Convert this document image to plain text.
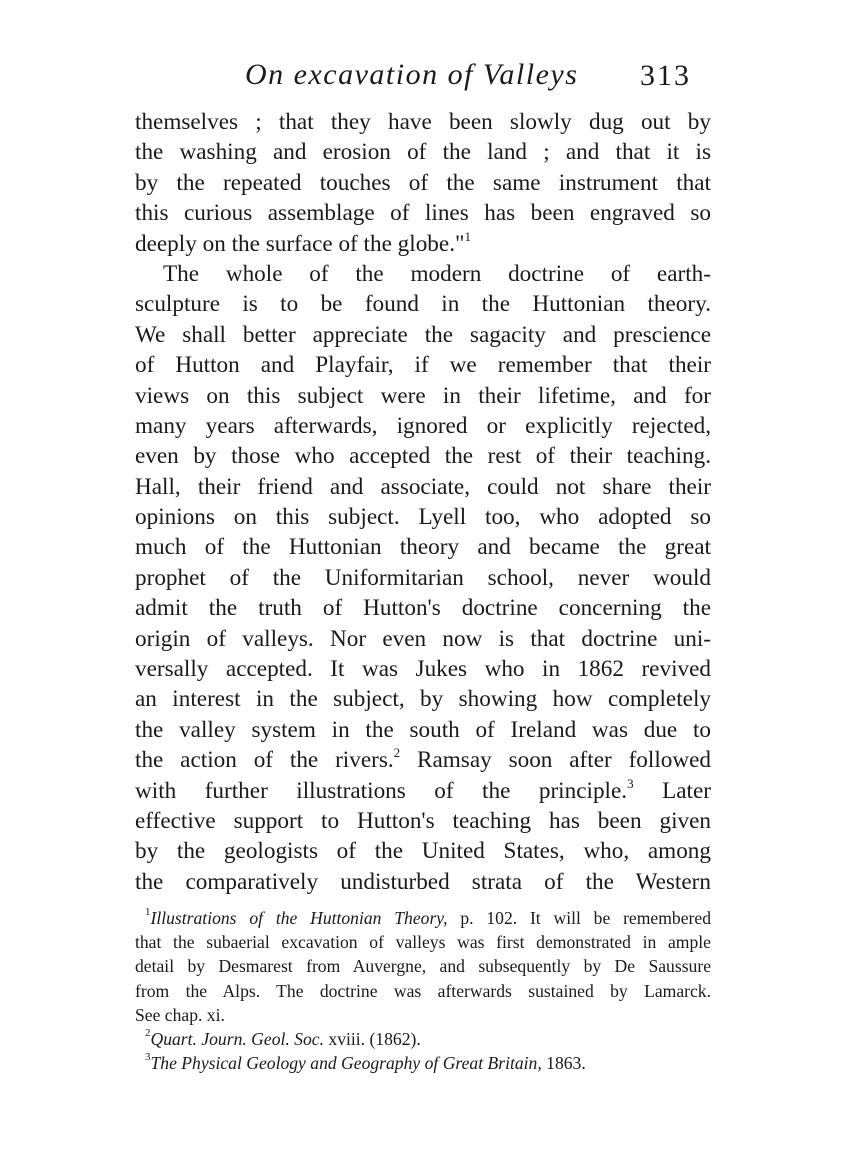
On excavation of Valleys 313
themselves ; that they have been slowly dug out by
the washing and erosion of the land ; and that it is
by the repeated touches of the same instrument that
this curious assemblage of lines has been engraved so
deeply on the surface of the globe."$^1$
The whole of the modern doctrine of earth-
sculpture is to be found in the Huttonian theory.
We shall better appreciate the sagacity and prescience
of Hutton and Playfair, if we remember that their
views on this subject were in their lifetime, and for
many years afterwards, ignored or explicitly rejected,
even by those who accepted the rest of their teaching.
Hall, their friend and associate, could not share their
opinions on this subject. Lyell too, who adopted so
much of the Huttonian theory and became the great
prophet of the Uniformitarian school, never would
admit the truth of Hutton's doctrine concerning the
origin of valleys. Nor even now is that doctrine uni-
versally accepted. It was Jukes who in 1862 revived
an interest in the subject, by showing how completely
the valley system in the south of Ireland was due to
the action of the rivers.$^2$ Ramsay soon after followed
with further illustrations of the principle.$^3$ Later
effective support to Hutton's teaching has been given
by the geologists of the United States, who, among
the comparatively undisturbed strata of the Western
$^1$Illustrations of the Huttonian Theory, p. 102. It will be remembered
that the subaerial excavation of valleys was first demonstrated in ample
detail by Desmarest from Auvergne, and subsequently by De Saussure
from the Alps. The doctrine was afterwards sustained by Lamarck.
See chap. xi.
$^2$Quart. Journ. Geol. Soc. xviii. (1862).
$^3$The Physical Geology and Geography of Great Britain, 1863.
